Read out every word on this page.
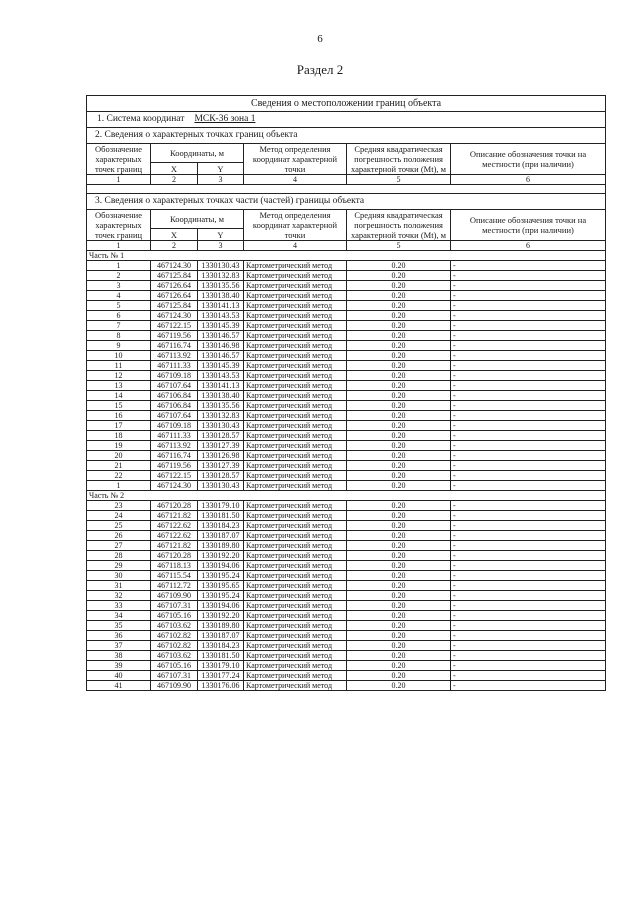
6
Раздел 2
Сведения о местоположении границ объекта					
1. Система координат МСК-36 зона 1					
2. Сведения о характерных точках границ объекта					
Обозначение характерных точек границ	Координаты, м		Метод определения координат характерной точки	Средняя квадратическая погрешность положения характерной точки (Mt), м	Описание обозначения точки на местности (при наличии)
	X	Y			
1	2	3	4	5	6

3. Сведения о характерных точках части (частей) границы объекта					
Обозначение характерных точек границ	Координаты, м		Метод определения координат характерной точки	Средняя квадратическая погрешность положения характерной точки (Mt), м	Описание обозначения точки на местности (при наличии)
	X	Y			
1	2	3	4	5	6
Часть № 1					
1	467124.30	1330130.43	Картометрический метод	0.20	-
2	467125.84	1330132.83	Картометрический метод	0.20	-
3	467126.64	1330135.56	Картометрический метод	0.20	-
4	467126.64	1330138.40	Картометрический метод	0.20	-
5	467125.84	1330141.13	Картометрический метод	0.20	-
6	467124.30	1330143.53	Картометрический метод	0.20	-
7	467122.15	1330145.39	Картометрический метод	0.20	-
8	467119.56	1330146.57	Картометрический метод	0.20	-
9	467116.74	1330146.98	Картометрический метод	0.20	-
10	467113.92	1330146.57	Картометрический метод	0.20	-
11	467111.33	1330145.39	Картометрический метод	0.20	-
12	467109.18	1330143.53	Картометрический метод	0.20	-
13	467107.64	1330141.13	Картометрический метод	0.20	-
14	467106.84	1330138.40	Картометрический метод	0.20	-
15	467106.84	1330135.56	Картометрический метод	0.20	-
16	467107.64	1330132.83	Картометрический метод	0.20	-
17	467109.18	1330130.43	Картометрический метод	0.20	-
18	467111.33	1330128.57	Картометрический метод	0.20	-
19	467113.92	1330127.39	Картометрический метод	0.20	-
20	467116.74	1330126.98	Картометрический метод	0.20	-
21	467119.56	1330127.39	Картометрический метод	0.20	-
22	467122.15	1330128.57	Картометрический метод	0.20	-
1	467124.30	1330130.43	Картометрический метод	0.20	-
Часть № 2					
23	467120.28	1330179.10	Картометрический метод	0.20	-
24	467121.82	1330181.50	Картометрический метод	0.20	-
25	467122.62	1330184.23	Картометрический метод	0.20	-
26	467122.62	1330187.07	Картометрический метод	0.20	-
27	467121.82	1330189.80	Картометрический метод	0.20	-
28	467120.28	1330192.20	Картометрический метод	0.20	-
29	467118.13	1330194.06	Картометрический метод	0.20	-
30	467115.54	1330195.24	Картометрический метод	0.20	-
31	467112.72	1330195.65	Картометрический метод	0.20	-
32	467109.90	1330195.24	Картометрический метод	0.20	-
33	467107.31	1330194.06	Картометрический метод	0.20	-
34	467105.16	1330192.20	Картометрический метод	0.20	-
35	467103.62	1330189.80	Картометрический метод	0.20	-
36	467102.82	1330187.07	Картометрический метод	0.20	-
37	467102.82	1330184.23	Картометрический метод	0.20	-
38	467103.62	1330181.50	Картометрический метод	0.20	-
39	467105.16	1330179.10	Картометрический метод	0.20	-
40	467107.31	1330177.24	Картометрический метод	0.20	-
41	467109.90	1330176.06	Картометрический метод	0.20	-
